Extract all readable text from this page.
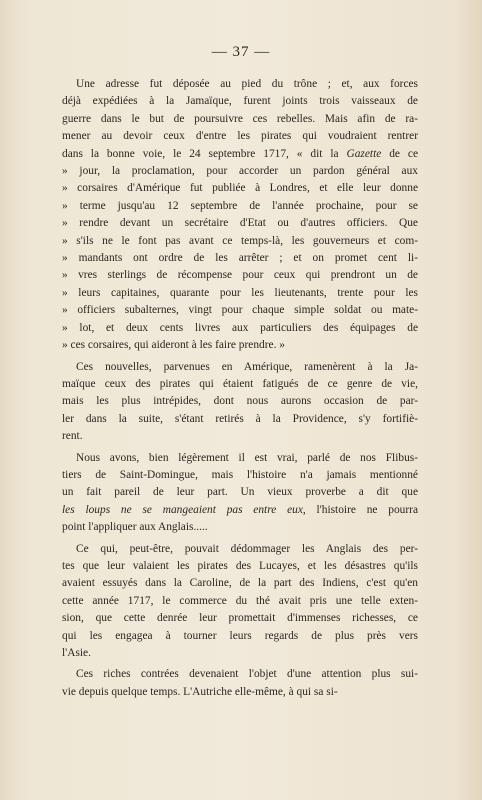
— 37 —

Une adresse fut déposée au pied du trône ; et, aux forces
déjà expédiées à la Jamaïque, furent joints trois vaisseaux de
guerre dans le but de poursuivre ces rebelles. Mais afin de ra-
mener au devoir ceux d'entre les pirates qui voudraient rentrer
dans la bonne voie, le 24 septembre 1717, « dit la Gazette de ce
» jour, la proclamation, pour accorder un pardon général aux
» corsaires d'Amérique fut publiée à Londres, et elle leur donne
» terme jusqu'au 12 septembre de l'année prochaine, pour se
» rendre devant un secrétaire d'Etat ou d'autres officiers. Que
» s'ils ne le font pas avant ce temps-là, les gouverneurs et com-
» mandants ont ordre de les arrêter ; et on promet cent li-
» vres sterlings de récompense pour ceux qui prendront un de
» leurs capitaines, quarante pour les lieutenants, trente pour les
» officiers subalternes, vingt pour chaque simple soldat ou mate-
» lot, et deux cents livres aux particuliers des équipages de
» ces corsaires, qui aideront à les faire prendre. »

Ces nouvelles, parvenues en Amérique, ramenèrent à la Ja-
maïque ceux des pirates qui étaient fatigués de ce genre de vie,
mais les plus intrépides, dont nous aurons occasion de par-
ler dans la suite, s'étant retirés à la Providence, s'y fortifiè-
rent.

Nous avons, bien légèrement il est vrai, parlé de nos Flibus-
tiers de Saint-Domingue, mais l'histoire n'a jamais mentionné
un fait pareil de leur part. Un vieux proverbe a dit que
les loups ne se mangeaient pas entre eux, l'histoire ne pourra
point l'appliquer aux Anglais.....

Ce qui, peut-être, pouvait dédommager les Anglais des per-
tes que leur valaient les pirates des Lucayes, et les désastres qu'ils
avaient essuyés dans la Caroline, de la part des Indiens, c'est qu'en
cette année 1717, le commerce du thé avait pris une telle exten-
sion, que cette denrée leur promettait d'immenses richesses, ce
qui les engagea à tourner leurs regards de plus près vers
l'Asie.

Ces riches contrées devenaient l'objet d'une attention plus sui-
vie depuis quelque temps. L'Autriche elle-même, à qui sa si-
